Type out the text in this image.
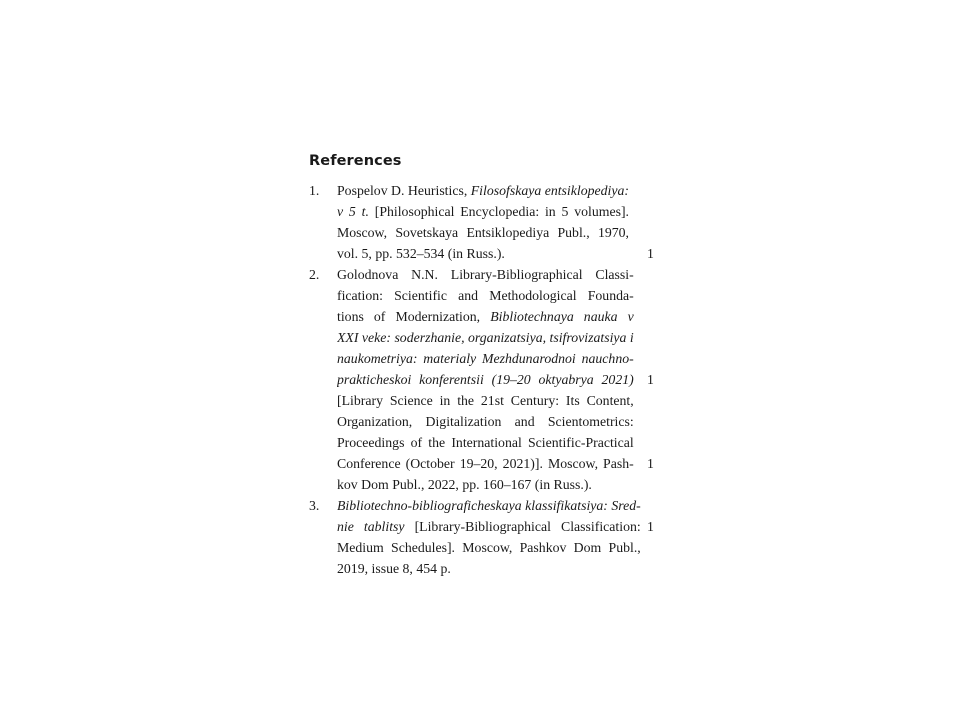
References
1.	Pospelov D. Heuristics, Filosofskaya entsiklopediya:
v 5 t. [Philosophical Encyclopedia: in 5 volumes].
Moscow, Sovetskaya Entsiklopediya Publ., 1970,
vol. 5, pp. 532–534 (in Russ.).
2.	Golodnova N.N. Library-Bibliographical Classi-
fication: Scientific and Methodological Founda-
tions of Modernization, Bibliotechnaya nauka v
XXI veke: soderzhanie, organizatsiya, tsifrovizatsiya i
naukometriya: materialy Mezhdunarodnoi nauchno-
prakticheskoi konferentsii (19–20 oktyabrya 2021)
[Library Science in the 21st Century: Its Content,
Organization, Digitalization and Scientometrics:
Proceedings of the International Scientific-Practical
Conference (October 19–20, 2021)]. Moscow, Pash-
kov Dom Publ., 2022, pp. 160–167 (in Russ.).
3.	Bibliotechno-bibliograficheskaya klassifikatsiya: Sred-
nie tablitsy [Library-Bibliographical Classification:
Medium Schedules]. Moscow, Pashkov Dom Publ.,
2019, issue 8, 454 p.
1
1
1
1
